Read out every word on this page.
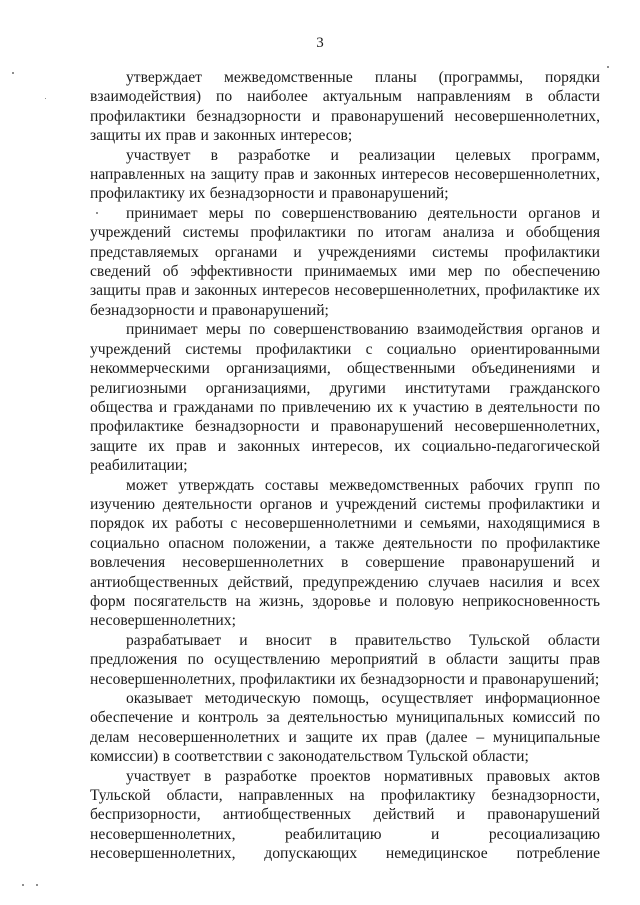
3

утверждает межведомственные планы (программы, порядки взаимодействия) по наиболее актуальным направлениям в области профилактики безнадзорности и правонарушений несовершеннолетних, защиты их прав и законных интересов;

участвует в разработке и реализации целевых программ, направленных на защиту прав и законных интересов несовершеннолетних, профилактику их безнадзорности и правонарушений;

принимает меры по совершенствованию деятельности органов и учреждений системы профилактики по итогам анализа и обобщения представляемых органами и учреждениями системы профилактики сведений об эффективности принимаемых ими мер по обеспечению защиты прав и законных интересов несовершеннолетних, профилактике их безнадзорности и правонарушений;

принимает меры по совершенствованию взаимодействия органов и учреждений системы профилактики с социально ориентированными некоммерческими организациями, общественными объединениями и религиозными организациями, другими институтами гражданского общества и гражданами по привлечению их к участию в деятельности по профилактике безнадзорности и правонарушений несовершеннолетних, защите их прав и законных интересов, их социально-педагогической реабилитации;

может утверждать составы межведомственных рабочих групп по изучению деятельности органов и учреждений системы профилактики и порядок их работы с несовершеннолетними и семьями, находящимися в социально опасном положении, а также деятельности по профилактике вовлечения несовершеннолетних в совершение правонарушений и антиобщественных действий, предупреждению случаев насилия и всех форм посягательств на жизнь, здоровье и половую неприкосновенность несовершеннолетних;

разрабатывает и вносит в правительство Тульской области предложения по осуществлению мероприятий в области защиты прав несовершеннолетних, профилактики их безнадзорности и правонарушений;

оказывает методическую помощь, осуществляет информационное обеспечение и контроль за деятельностью муниципальных комиссий по делам несовершеннолетних и защите их прав (далее – муниципальные комиссии) в соответствии с законодательством Тульской области;

участвует в разработке проектов нормативных правовых актов Тульской области, направленных на профилактику безнадзорности, беспризорности, антиобщественных действий и правонарушений несовершеннолетних, реабилитацию и ресоциализацию несовершеннолетних, допускающих немедицинское потребление
